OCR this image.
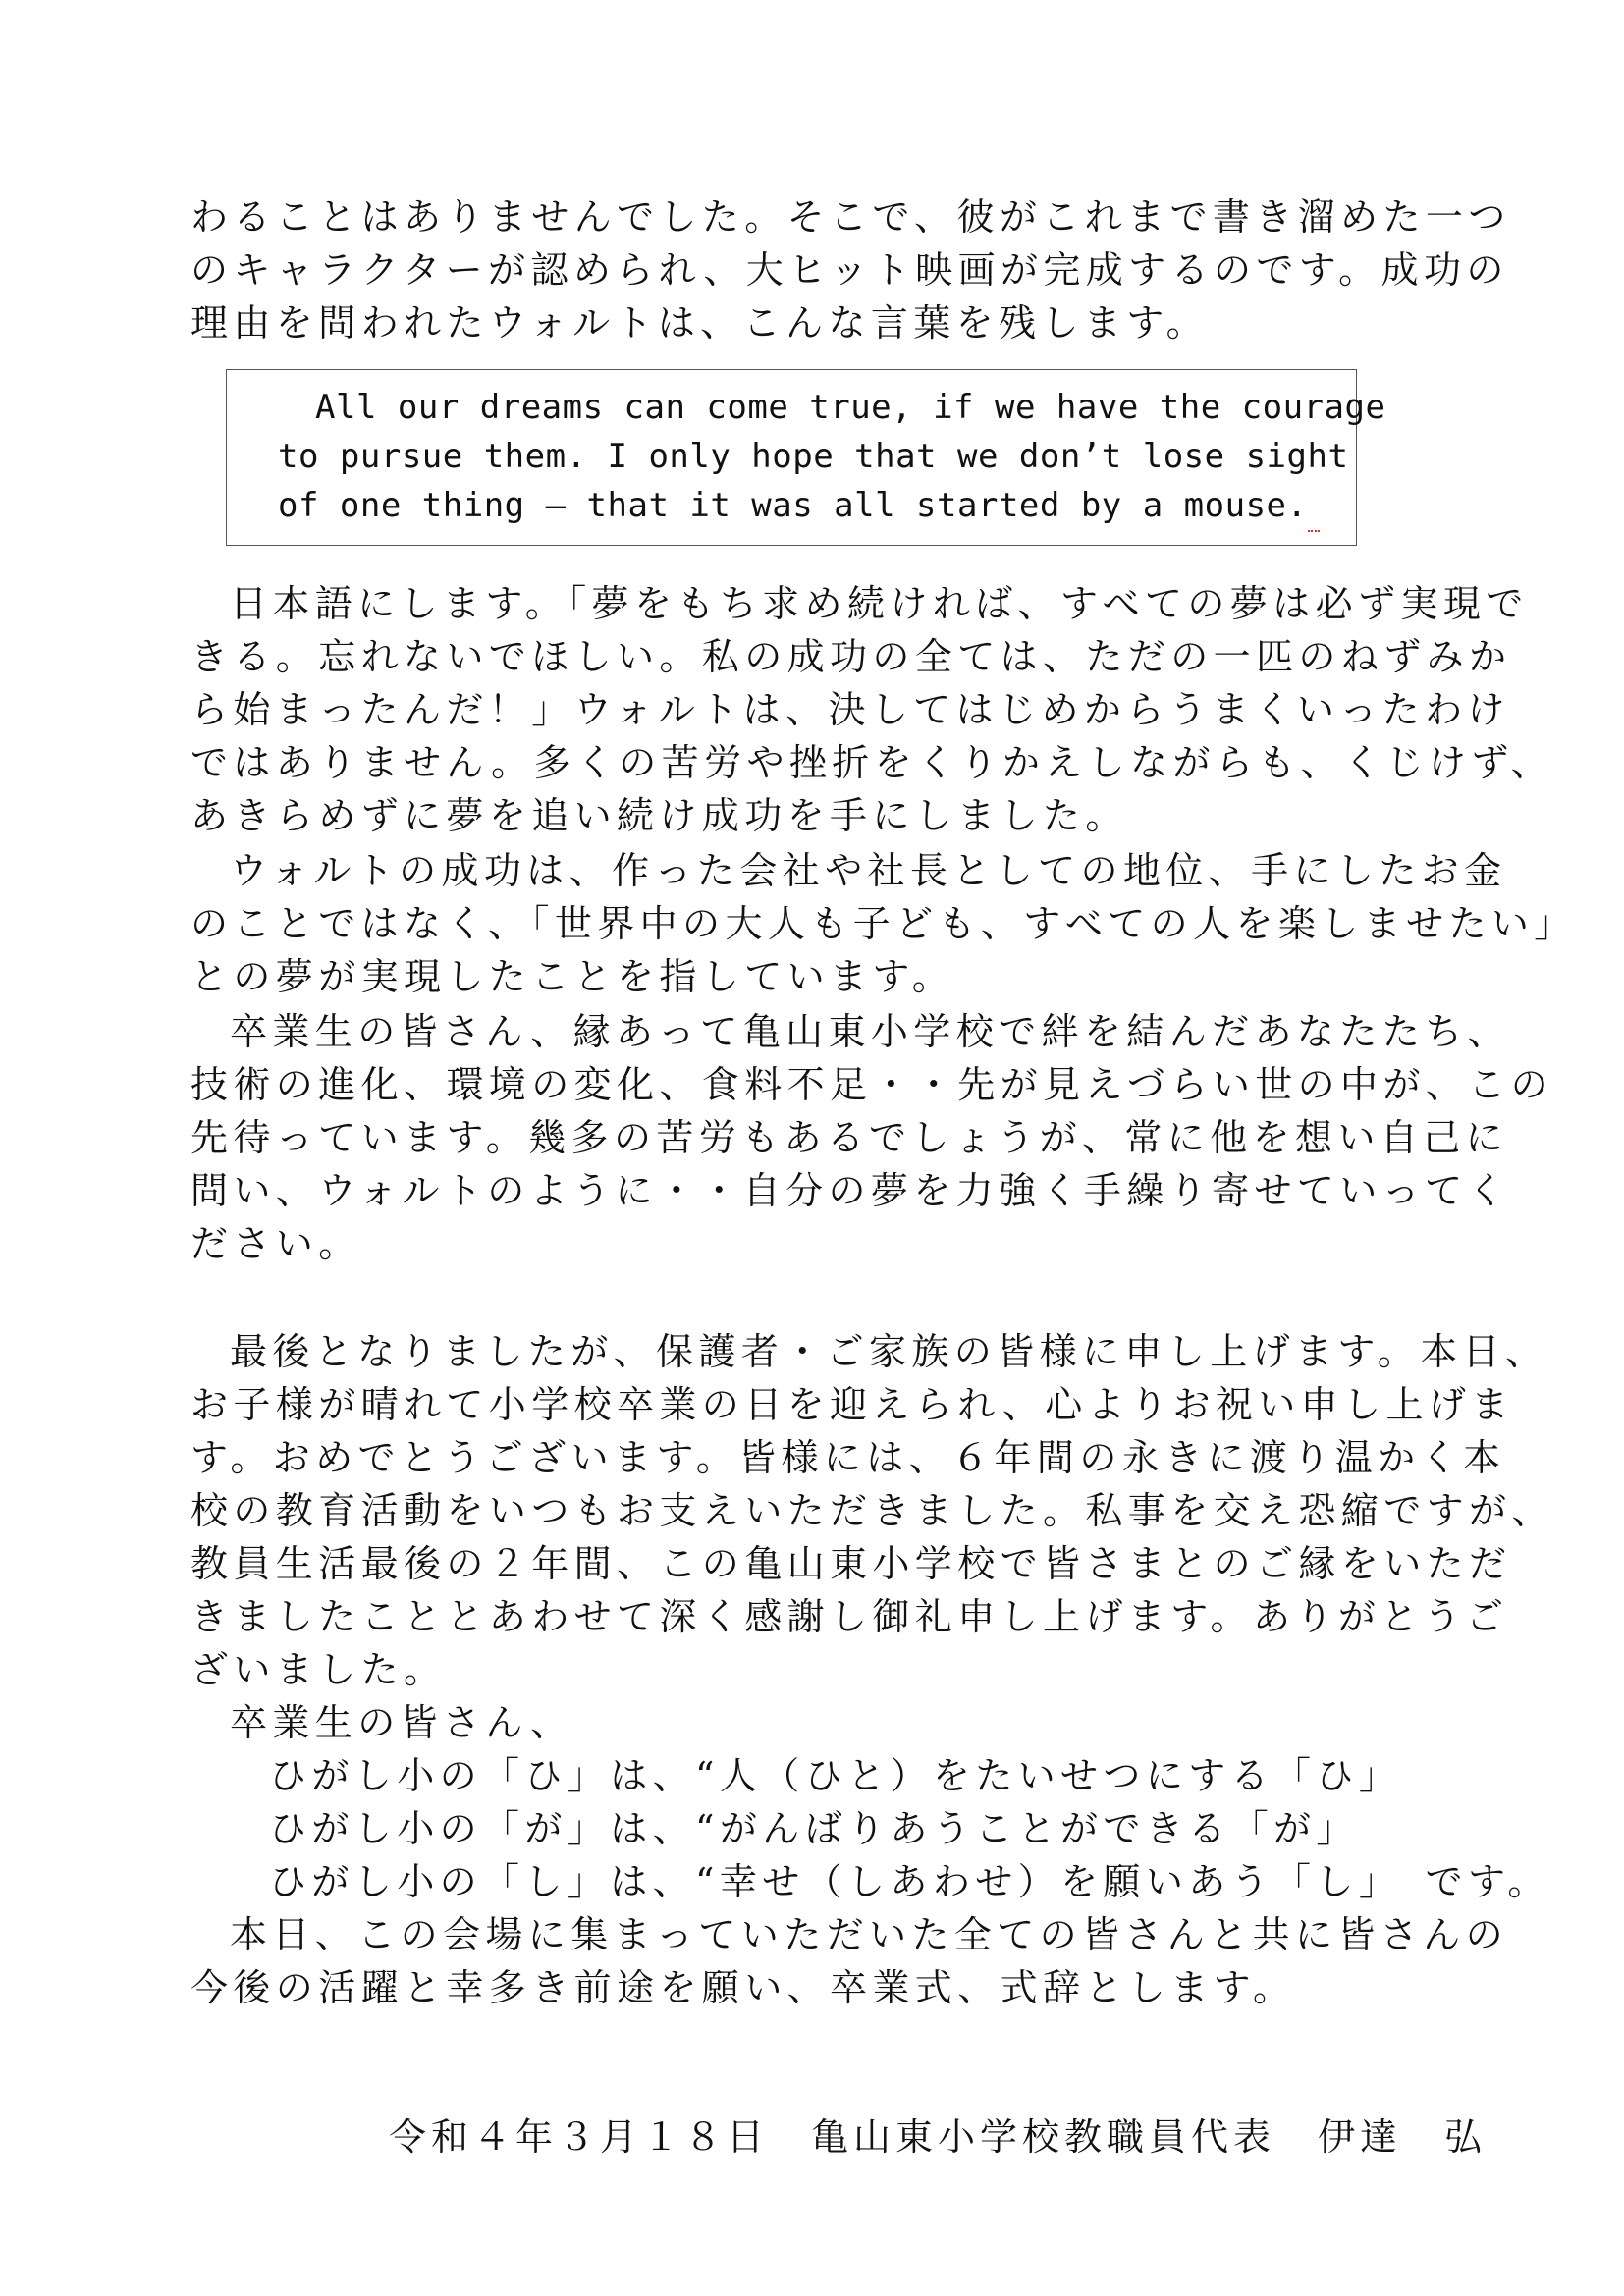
わることはありませんでした。そこで、彼がこれまで書き溜めた一つ
のキャラクターが認められ、大ヒット映画が完成するのです。成功の
理由を問われたウォルトは、こんな言葉を残します。
All our dreams can come true, if we have the courage
to pursue them. I only hope that we don’t lose sight
of one thing – that it was all started by a mouse.
日本語にします。「夢をもち求め続ければ、すべての夢は必ず実現で
きる。忘れないでほしい。私の成功の全ては、ただの一匹のねずみか
ら始まったんだ！」ウォルトは、決してはじめからうまくいったわけ
ではありません。多くの苦労や挫折をくりかえしながらも、くじけず、
あきらめずに夢を追い続け成功を手にしました。
ウォルトの成功は、作った会社や社長としての地位、手にしたお金
のことではなく、「世界中の大人も子ども、すべての人を楽しませたい」
との夢が実現したことを指しています。
卒業生の皆さん、縁あって亀山東小学校で絆を結んだあなたたち、
技術の進化、環境の変化、食料不足・・先が見えづらい世の中が、この
先待っています。幾多の苦労もあるでしょうが、常に他を想い自己に
問い、ウォルトのように・・自分の夢を力強く手繰り寄せていってく
ださい。
最後となりましたが、保護者・ご家族の皆様に申し上げます。本日、
お子様が晴れて小学校卒業の日を迎えられ、心よりお祝い申し上げま
す。おめでとうございます。皆様には、６年間の永きに渡り温かく本
校の教育活動をいつもお支えいただきました。私事を交え恐縮ですが、
教員生活最後の２年間、この亀山東小学校で皆さまとのご縁をいただ
きましたこととあわせて深く感謝し御礼申し上げます。ありがとうご
ざいました。
卒業生の皆さん、
ひがし小の「ひ」は、“人（ひと）をたいせつにする「ひ」
ひがし小の「が」は、“がんばりあうことができる「が」
ひがし小の「し」は、“幸せ（しあわせ）を願いあう「し」　です。
本日、この会場に集まっていただいた全ての皆さんと共に皆さんの
今後の活躍と幸多き前途を願い、卒業式、式辞とします。
令和４年３月１８日　亀山東小学校教職員代表　伊達　弘
